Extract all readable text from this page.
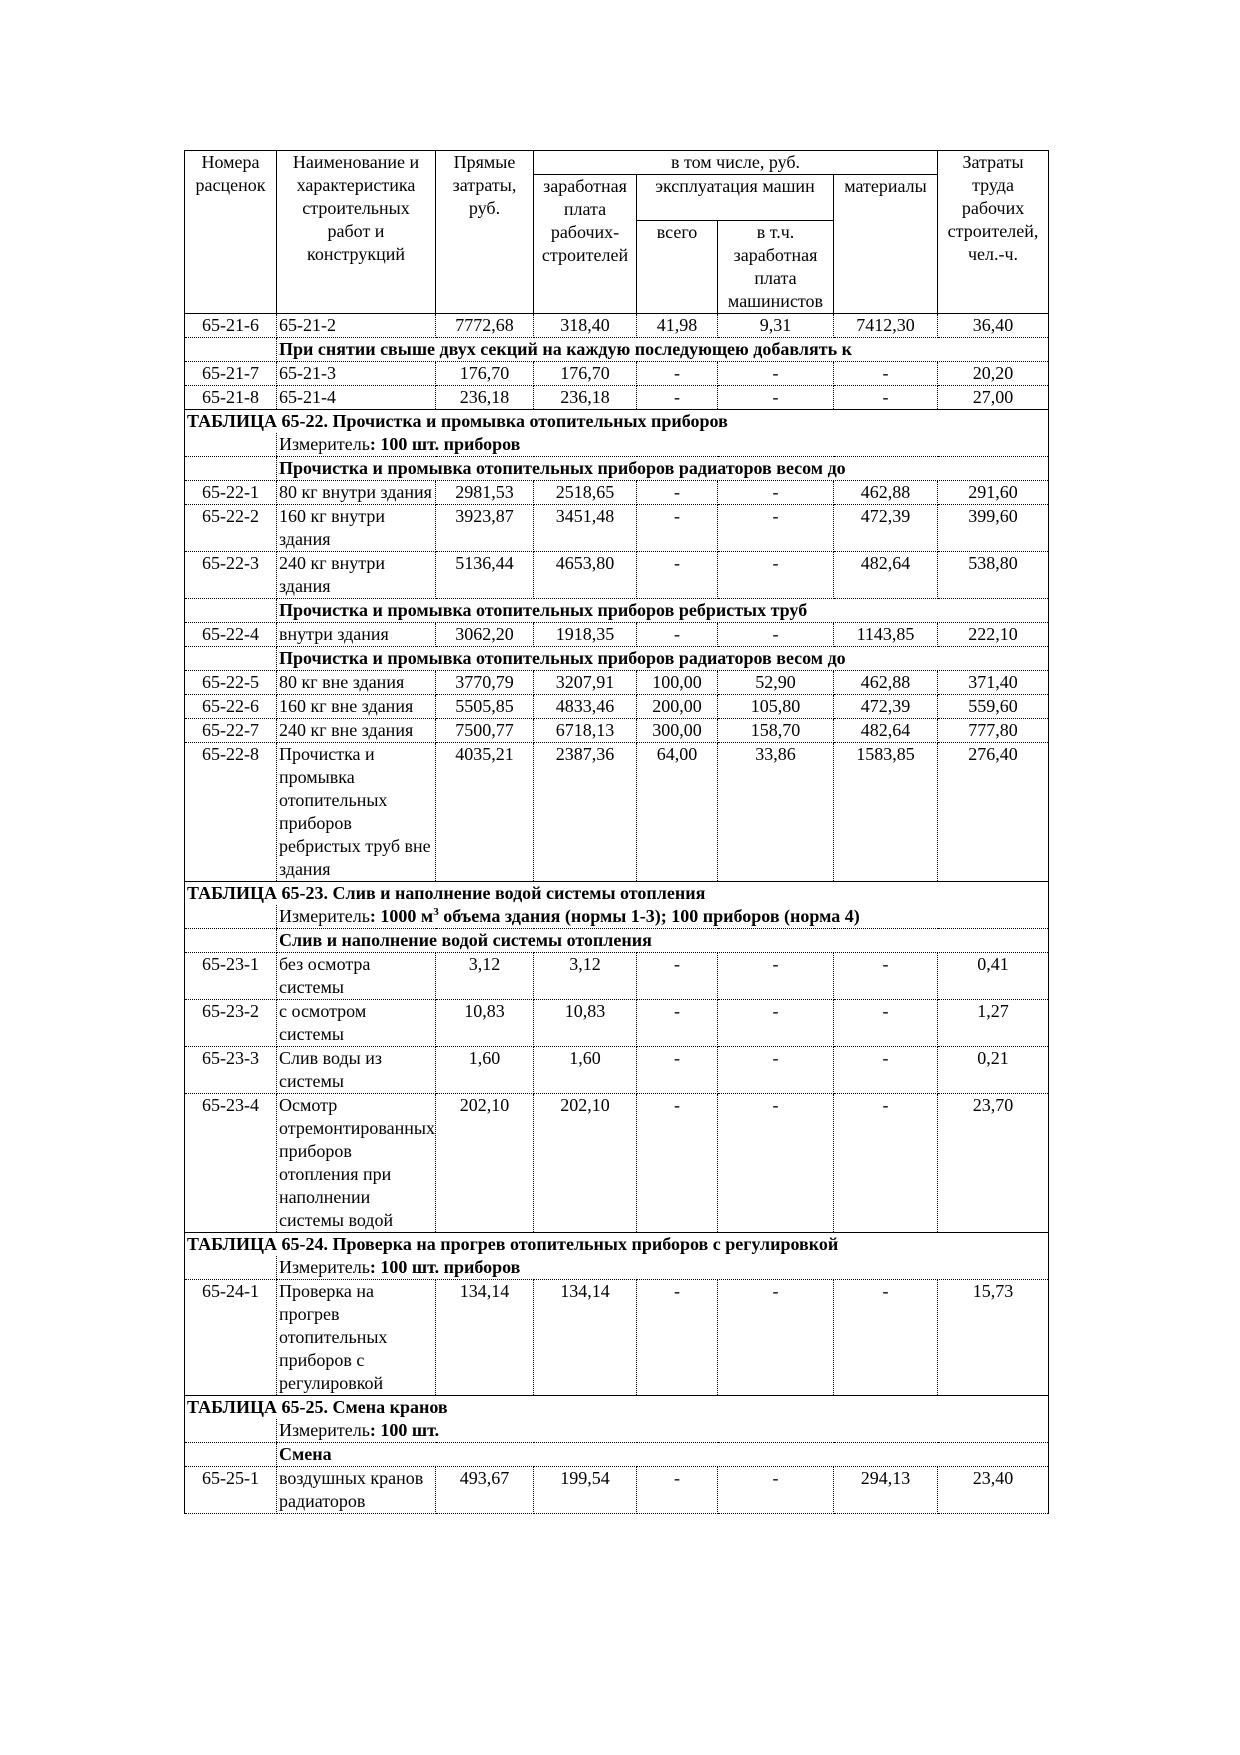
Номера расценок	Наименование и характеристика строительных работ и конструкций	Прямые затраты, руб.	в том числе, руб.				Затраты труда рабочих строителей, чел.-ч.
			заработная плата рабочих-строителей	эксплуатация машин		материалы	
				всего	в т.ч. заработная плата машинистов		
65-21-6	65-21-2	7772,68	318,40	41,98	9,31	7412,30	36,40
	При снятии свыше двух секций на каждую последующею добавлять к						
65-21-7	65-21-3	176,70	176,70	-	-	-	20,20
65-21-8	65-21-4	236,18	236,18	-	-	-	27,00
ТАБЛИЦА 65-22. Прочистка и промывка отопительных приборов							
	Измеритель: 100 шт. приборов						
	Прочистка и промывка отопительных приборов радиаторов весом до						
65-22-1	80 кг внутри здания	2981,53	2518,65	-	-	462,88	291,60
65-22-2	160 кг внутри здания	3923,87	3451,48	-	-	472,39	399,60
65-22-3	240 кг внутри здания	5136,44	4653,80	-	-	482,64	538,80
	Прочистка и промывка отопительных приборов ребристых труб						
65-22-4	внутри здания	3062,20	1918,35	-	-	1143,85	222,10
	Прочистка и промывка отопительных приборов радиаторов весом до						
65-22-5	80 кг вне здания	3770,79	3207,91	100,00	52,90	462,88	371,40
65-22-6	160 кг вне здания	5505,85	4833,46	200,00	105,80	472,39	559,60
65-22-7	240 кг вне здания	7500,77	6718,13	300,00	158,70	482,64	777,80
65-22-8	Прочистка и промывка отопительных приборов ребристых труб вне здания	4035,21	2387,36	64,00	33,86	1583,85	276,40
ТАБЛИЦА 65-23. Слив и наполнение водой системы отопления							
	Измеритель: 1000 $м^3$ объема здания (нормы 1-3); 100 приборов (норма 4)						
	Слив и наполнение водой системы отопления						
65-23-1	без осмотра системы	3,12	3,12	-	-	-	0,41
65-23-2	с осмотром системы	10,83	10,83	-	-	-	1,27
65-23-3	Слив воды из системы	1,60	1,60	-	-	-	0,21
65-23-4	Осмотр отремонтированных приборов отопления при наполнении системы водой	202,10	202,10	-	-	-	23,70
ТАБЛИЦА 65-24. Проверка на прогрев отопительных приборов с регулировкой							
	Измеритель: 100 шт. приборов						
65-24-1	Проверка на прогрев отопительных приборов с регулировкой	134,14	134,14	-	-	-	15,73
ТАБЛИЦА 65-25. Смена кранов							
	Измеритель: 100 шт.						
	Смена						
65-25-1	воздушных кранов радиаторов	493,67	199,54	-	-	294,13	23,40
